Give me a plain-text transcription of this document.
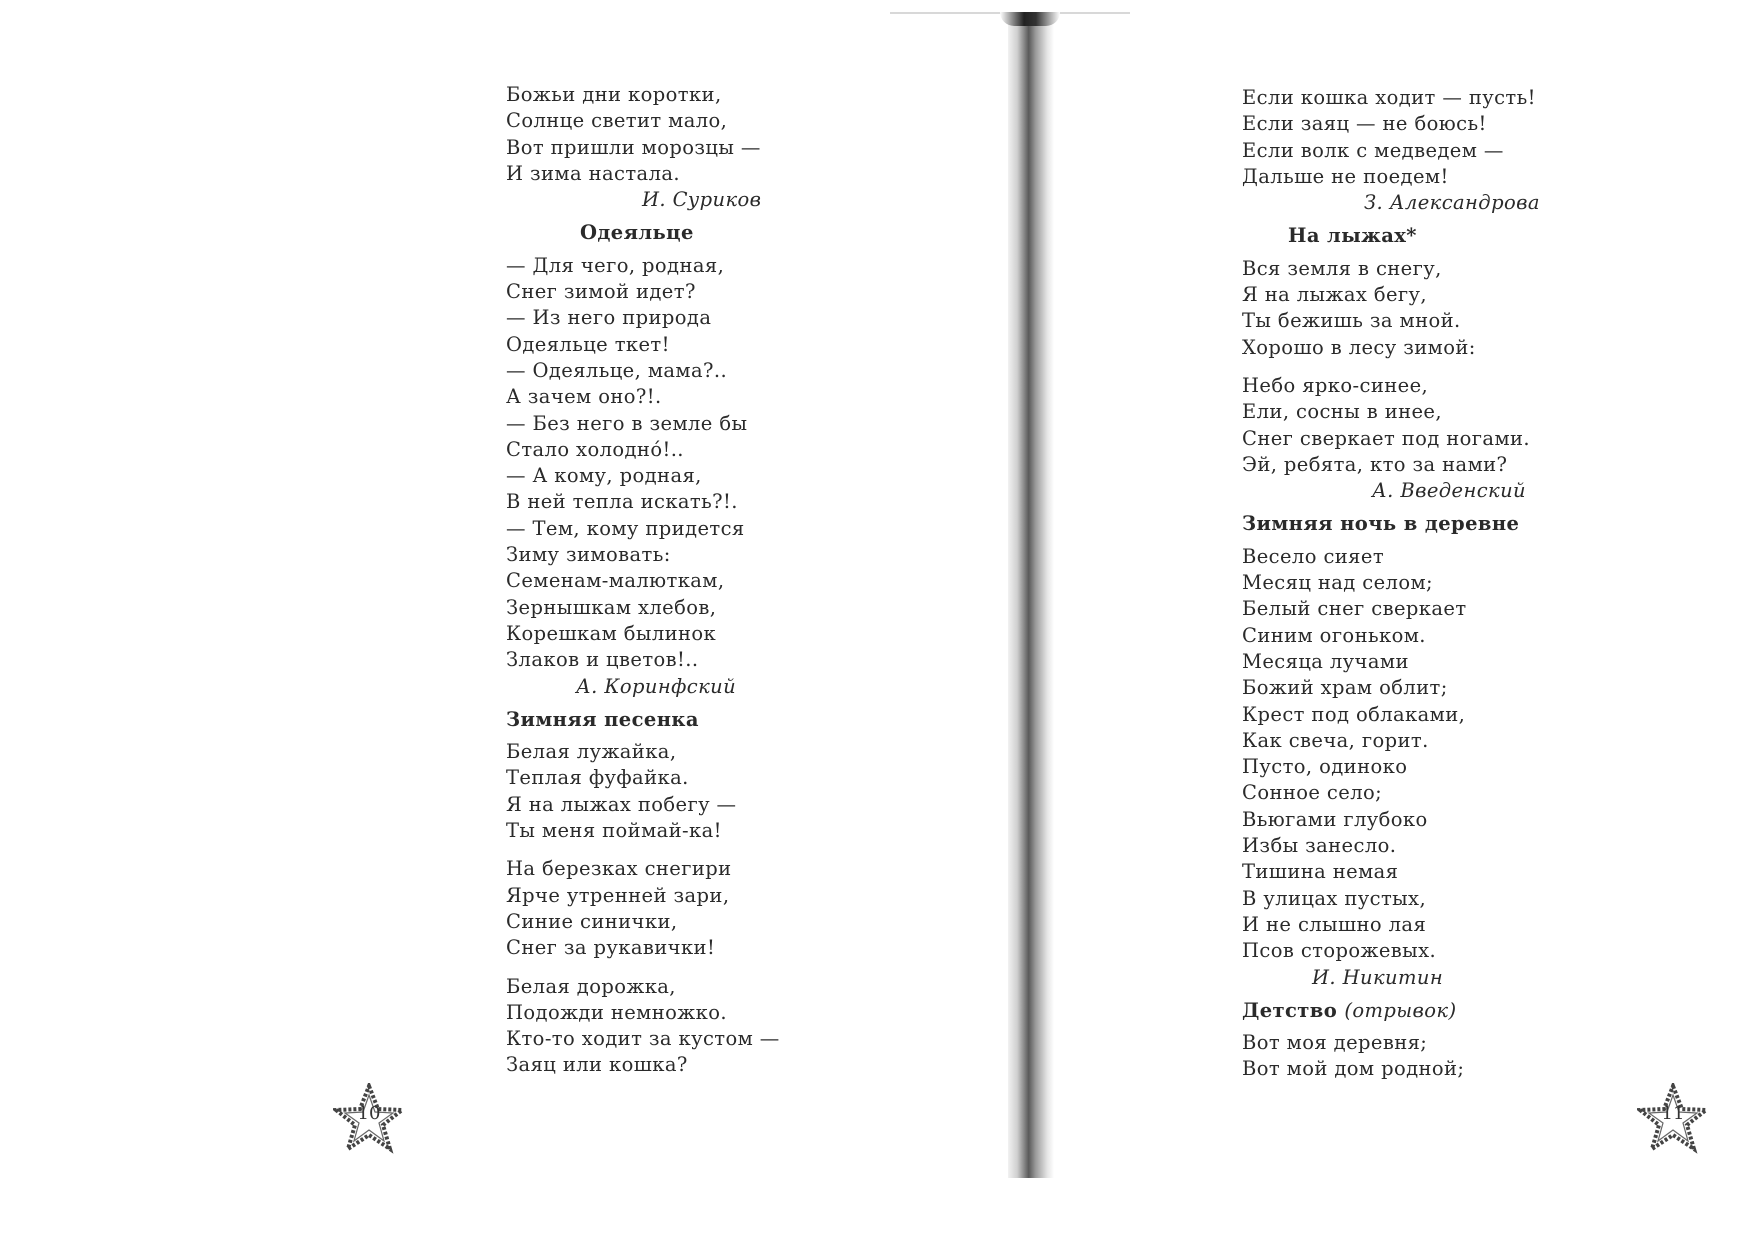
Божьи дни коротки,
Солнце светит мало,
Вот пришли морозцы —
И зима настала.
И. Суриков
Одеяльце
— Для чего, родная,
Снег зимой идет?
— Из него природа
Одеяльце ткет!
— Одеяльце, мама?..
А зачем оно?!.
— Без него в земле бы
Стало холодно́!..
— А кому, родная,
В ней тепла искать?!.
— Тем, кому придется
Зиму зимовать:
Семенам-малюткам,
Зернышкам хлебов,
Корешкам былинок
Злаков и цветов!..
А. Коринфский
Зимняя песенка
Белая лужайка,
Теплая фуфайка.
Я на лыжах побегу —
Ты меня поймай-ка!
На березках снегири
Ярче утренней зари,
Синие синички,
Снег за рукавички!
Белая дорожка,
Подожди немножко.
Кто-то ходит за кустом —
Заяц или кошка?
Если кошка ходит — пусть!
Если заяц — не боюсь!
Если волк с медведем —
Дальше не поедем!
З. Александрова
На лыжах*
Вся земля в снегу,
Я на лыжах бегу,
Ты бежишь за мной.
Хорошо в лесу зимой:
Небо ярко-синее,
Ели, сосны в инее,
Снег сверкает под ногами.
Эй, ребята, кто за нами?
А. Введенский
Зимняя ночь в деревне
Весело сияет
Месяц над селом;
Белый снег сверкает
Синим огоньком.
Месяца лучами
Божий храм облит;
Крест под облаками,
Как свеча, горит.
Пусто, одиноко
Сонное село;
Вьюгами глубоко
Избы занесло.
Тишина немая
В улицах пустых,
И не слышно лая
Псов сторожевых.
И. Никитин
Детство (отрывок)
Вот моя деревня;
Вот мой дом родной;
10	11
